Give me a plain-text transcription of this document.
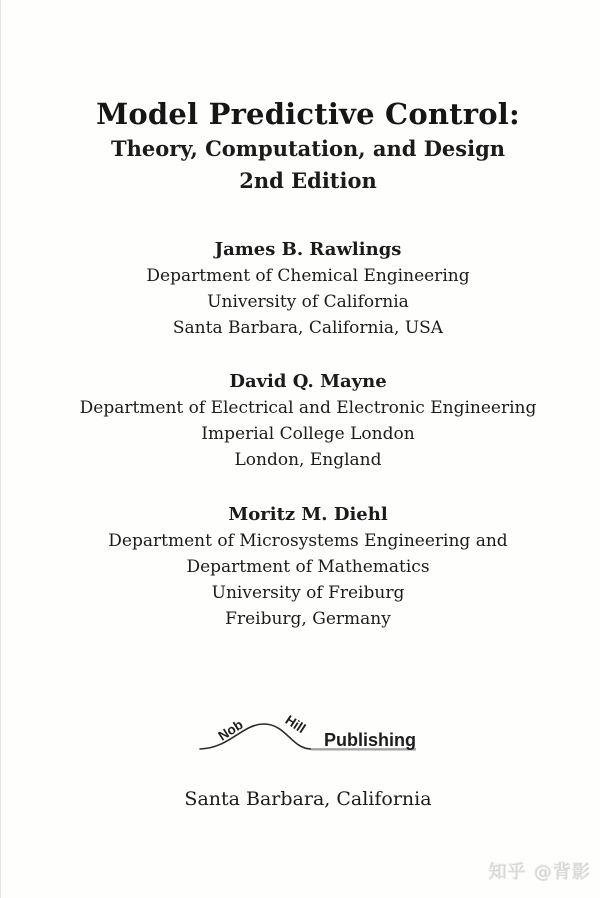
Model Predictive Control:
Theory, Computation, and Design
2nd Edition
James B. Rawlings
Department of Chemical Engineering
University of California
Santa Barbara, California, USA
David Q. Mayne
Department of Electrical and Electronic Engineering
Imperial College London
London, England
Moritz M. Diehl
Department of Microsystems Engineering and
Department of Mathematics
University of Freiburg
Freiburg, Germany
Nob	Hill
Publishing
Santa Barbara, California
知乎 @背影
